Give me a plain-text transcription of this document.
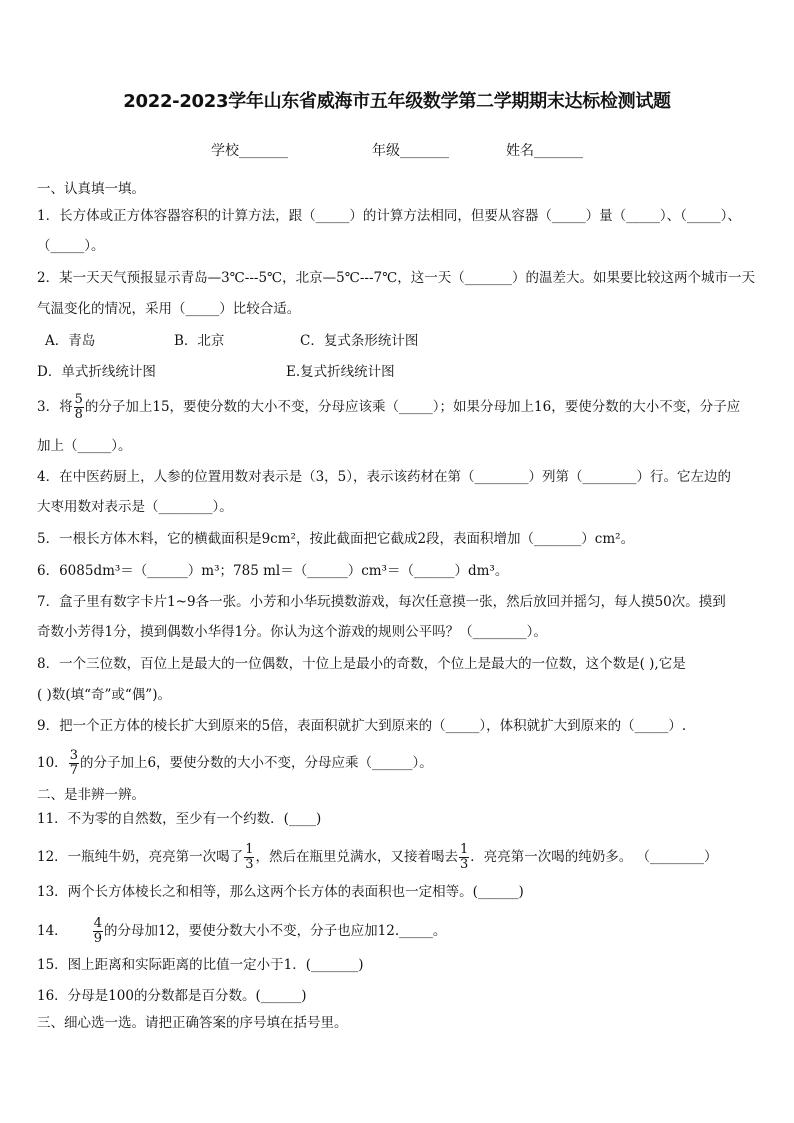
2022-2023学年山东省威海市五年级数学第二学期期末达标检测试题
学校_______	年级_______	姓名_______
一、认真填一填。
1．长方体或正方体容器容积的计算方法，跟（_____）的计算方法相同，但要从容器（_____）量（_____）、（_____）、
（_____）。
2．某一天天气预报显示青岛—3℃---5℃，北京—5℃---7℃，这一天（_______）的温差大。如果要比较这两个城市一天
气温变化的情况，采用（_____）比较合适。
A．青岛	B．北京	C．复式条形统计图
D．单式折线统计图	E.复式折线统计图
3．将 $\frac{5}{8}$ 的分子加上15，要使分数的大小不变，分母应该乘（_____）；如果分母加上16，要使分数的大小不变，分子应
加上（_____）。
4．在中医药厨上，人参的位置用数对表示是（3，5），表示该药材在第（________）列第（________）行。它左边的
大枣用数对表示是（________）。
5．一根长方体木料，它的横截面积是9cm²，按此截面把它截成2段，表面积增加（_______）cm²。
6．6085dm³＝（______）m³；785 ml＝（______）cm³＝（______）dm³。
7．盒子里有数字卡片1~9各一张。小芳和小华玩摸数游戏，每次任意摸一张，然后放回并摇匀，每人摸50次。摸到
奇数小芳得1分，摸到偶数小华得1分。你认为这个游戏的规则公平吗？（________）。
8．一个三位数，百位上是最大的一位偶数，十位上是最小的奇数，个位上是最大的一位数，这个数是( ),它是
( )数(填“奇”或“偶”)。
9．把一个正方体的棱长扩大到原来的5倍，表面积就扩大到原来的（_____），体积就扩大到原来的（_____）.
10． $\frac{3}{7}$ 的分子加上6，要使分数的大小不变，分母应乘（______）。
二、是非辨一辨。
11．不为零的自然数，至少有一个约数．(____)
12．一瓶纯牛奶，亮亮第一次喝了 $\frac{1}{3}$ ，然后在瓶里兑满水，又接着喝去 $\frac{1}{3}$ ．亮亮第一次喝的纯奶多。 （________）
13．两个长方体棱长之和相等，那么这两个长方体的表面积也一定相等。(______)
14． $\frac{4}{9}$ 的分母加12，要使分数大小不变，分子也应加12._____。
15．图上距离和实际距离的比值一定小于1．(_______)
16．分母是100的分数都是百分数。(______)
三、细心选一选。请把正确答案的序号填在括号里。
